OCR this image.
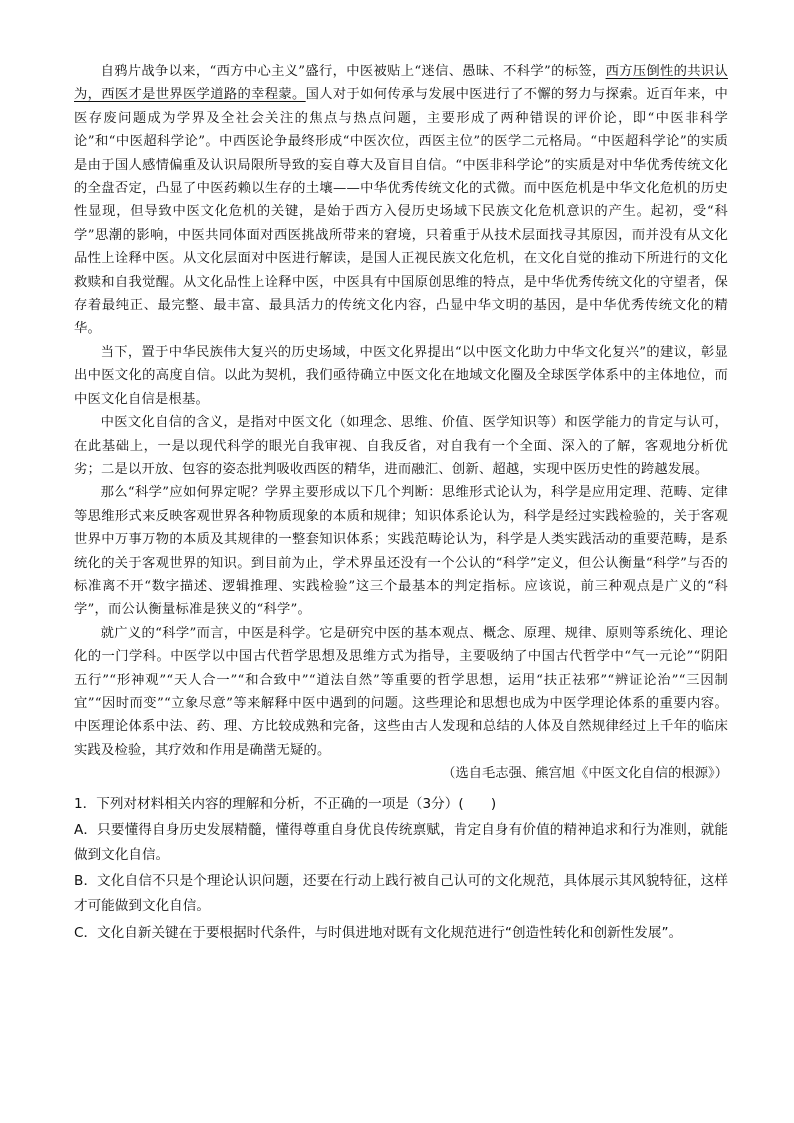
自鸦片战争以来，“西方中心主义”盛行，中医被贴上“迷信、愚昧、不科学”的标签，西方压倒性的共识认为，西医才是世界医学道路的幸程蒙。国人对于如何传承与发展中医进行了不懈的努力与探索。近百年来，中医存废问题成为学界及全社会关注的焦点与热点问题，主要形成了两种错误的评价论，即“中医非科学论”和“中医超科学论”。中西医论争最终形成“中医次位，西医主位”的医学二元格局。“中医超科学论”的实质是由于国人感情偏重及认识局限所导致的妄自尊大及盲目自信。“中医非科学论”的实质是对中华优秀传统文化的全盘否定，凸显了中医药赖以生存的土壤——中华优秀传统文化的式微。而中医危机是中华文化危机的历史性显现，但导致中医文化危机的关键，是始于西方入侵历史场域下民族文化危机意识的产生。起初，受“科学”思潮的影响，中医共同体面对西医挑战所带来的窘境，只着重于从技术层面找寻其原因，而并没有从文化品性上诠释中医。从文化层面对中医进行解读，是国人正视民族文化危机，在文化自觉的推动下所进行的文化救赎和自我觉醒。从文化品性上诠释中医，中医具有中国原创思维的特点，是中华优秀传统文化的守望者，保存着最纯正、最完整、最丰富、最具活力的传统文化内容，凸显中华文明的基因，是中华优秀传统文化的精华。

当下，置于中华民族伟大复兴的历史场域，中医文化界提出“以中医文化助力中华文化复兴”的建议，彰显出中医文化的高度自信。以此为契机，我们亟待确立中医文化在地域文化圈及全球医学体系中的主体地位，而中医文化自信是根基。

中医文化自信的含义，是指对中医文化（如理念、思维、价值、医学知识等）和医学能力的肯定与认可，在此基础上，一是以现代科学的眼光自我审视、自我反省，对自我有一个全面、深入的了解，客观地分析优劣；二是以开放、包容的姿态批判吸收西医的精华，进而融汇、创新、超越，实现中医历史性的跨越发展。

那么“科学”应如何界定呢？学界主要形成以下几个判断：思维形式论认为，科学是应用定理、范畴、定律等思维形式来反映客观世界各种物质现象的本质和规律；知识体系论认为，科学是经过实践检验的，关于客观世界中万事万物的本质及其规律的一整套知识体系；实践范畴论认为，科学是人类实践活动的重要范畴，是系统化的关于客观世界的知识。到目前为止，学术界虽还没有一个公认的“科学”定义，但公认衡量“科学”与否的标准离不开“数字描述、逻辑推理、实践检验”这三个最基本的判定指标。应该说，前三种观点是广义的“科学”，而公认衡量标准是狭义的“科学”。

就广义的“科学”而言，中医是科学。它是研究中医的基本观点、概念、原理、规律、原则等系统化、理论化的一门学科。中医学以中国古代哲学思想及思维方式为指导，主要吸纳了中国古代哲学中“气一元论”“阴阳五行”“形神观”“天人合一”“和合致中”“道法自然”等重要的哲学思想，运用“扶正祛邪”“辨证论治”“三因制宜”“因时而变”“立象尽意”等来解释中医中遇到的问题。这些理论和思想也成为中医学理论体系的重要内容。中医理论体系中法、药、理、方比较成熟和完备，这些由古人发现和总结的人体及自然规律经过上千年的临床实践及检验，其疗效和作用是确凿无疑的。

（选自毛志强、熊宫旭《中医文化自信的根源》）

1．下列对材料相关内容的理解和分析，不正确的一项是（3分）(　　)

A．只要懂得自身历史发展精髓，懂得尊重自身优良传统禀赋，肯定自身有价值的精神追求和行为准则，就能做到文化自信。

B．文化自信不只是个理论认识问题，还要在行动上践行被自己认可的文化规范，具体展示其风貌特征，这样才可能做到文化自信。

C．文化自新关键在于要根据时代条件，与时俱进地对既有文化规范进行“创造性转化和创新性发展”。
